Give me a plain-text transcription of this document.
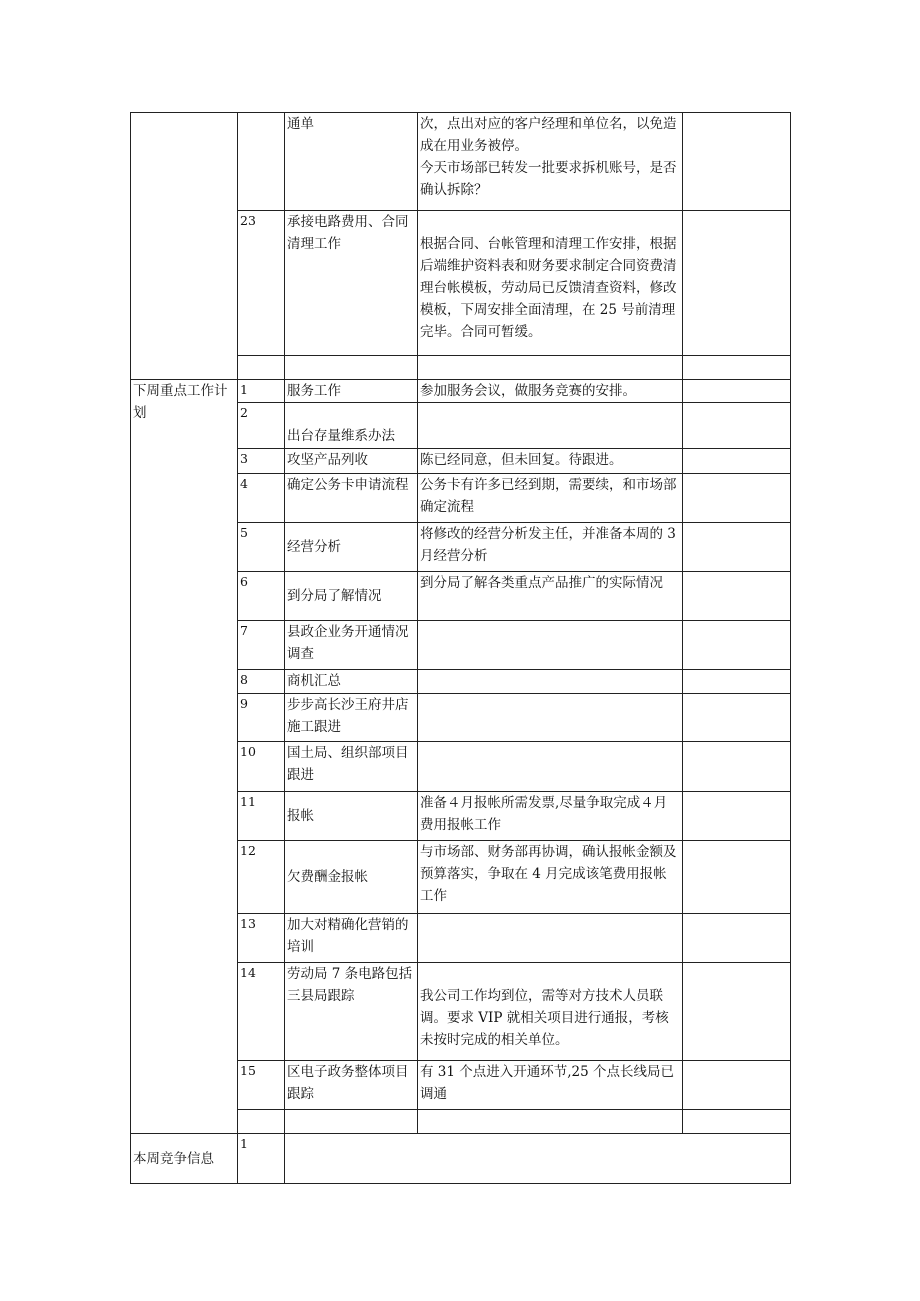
		通单	次，点出对应的客户经理和单位名，以免造成在用业务被停。
今天市场部已转发一批要求拆机账号，是否确认拆除？	
	23	承接电路费用、合同清理工作	根据合同、台帐管理和清理工作安排，根据后端维护资料表和财务要求制定合同资费清理台帐模板，劳动局已反馈清查资料，修改模板，下周安排全面清理，在 25 号前清理完毕。合同可暂缓。	

下周重点工作计划	1	服务工作	参加服务会议，做服务竞赛的安排。	
	2	出台存量维系办法		
	3	攻坚产品列收	陈已经同意，但未回复。待跟进。	
	4	确定公务卡申请流程	公务卡有许多已经到期，需要续，和市场部确定流程	
	5	经营分析	将修改的经营分析发主任，并准备本周的 3 月经营分析	
	6	到分局了解情况	到分局了解各类重点产品推广的实际情况	
	7	县政企业务开通情况调查		
	8	商机汇总		
	9	步步高长沙王府井店施工跟进		
	10	国土局、组织部项目跟进		
	11	报帐	准备４月报帐所需发票,尽量争取完成４月费用报帐工作	
	12	欠费酬金报帐	与市场部、财务部再协调，确认报帐金额及预算落实，争取在 4 月完成该笔费用报帐工作	
	13	加大对精确化营销的培训		
	14	劳动局 7 条电路包括三县局跟踪	我公司工作均到位，需等对方技术人员联调。要求 VIP 就相关项目进行通报，考核未按时完成的相关单位。	
	15	区电子政务整体项目跟踪	有 31 个点进入开通环节,25 个点长线局已调通	

本周竞争信息	1			
